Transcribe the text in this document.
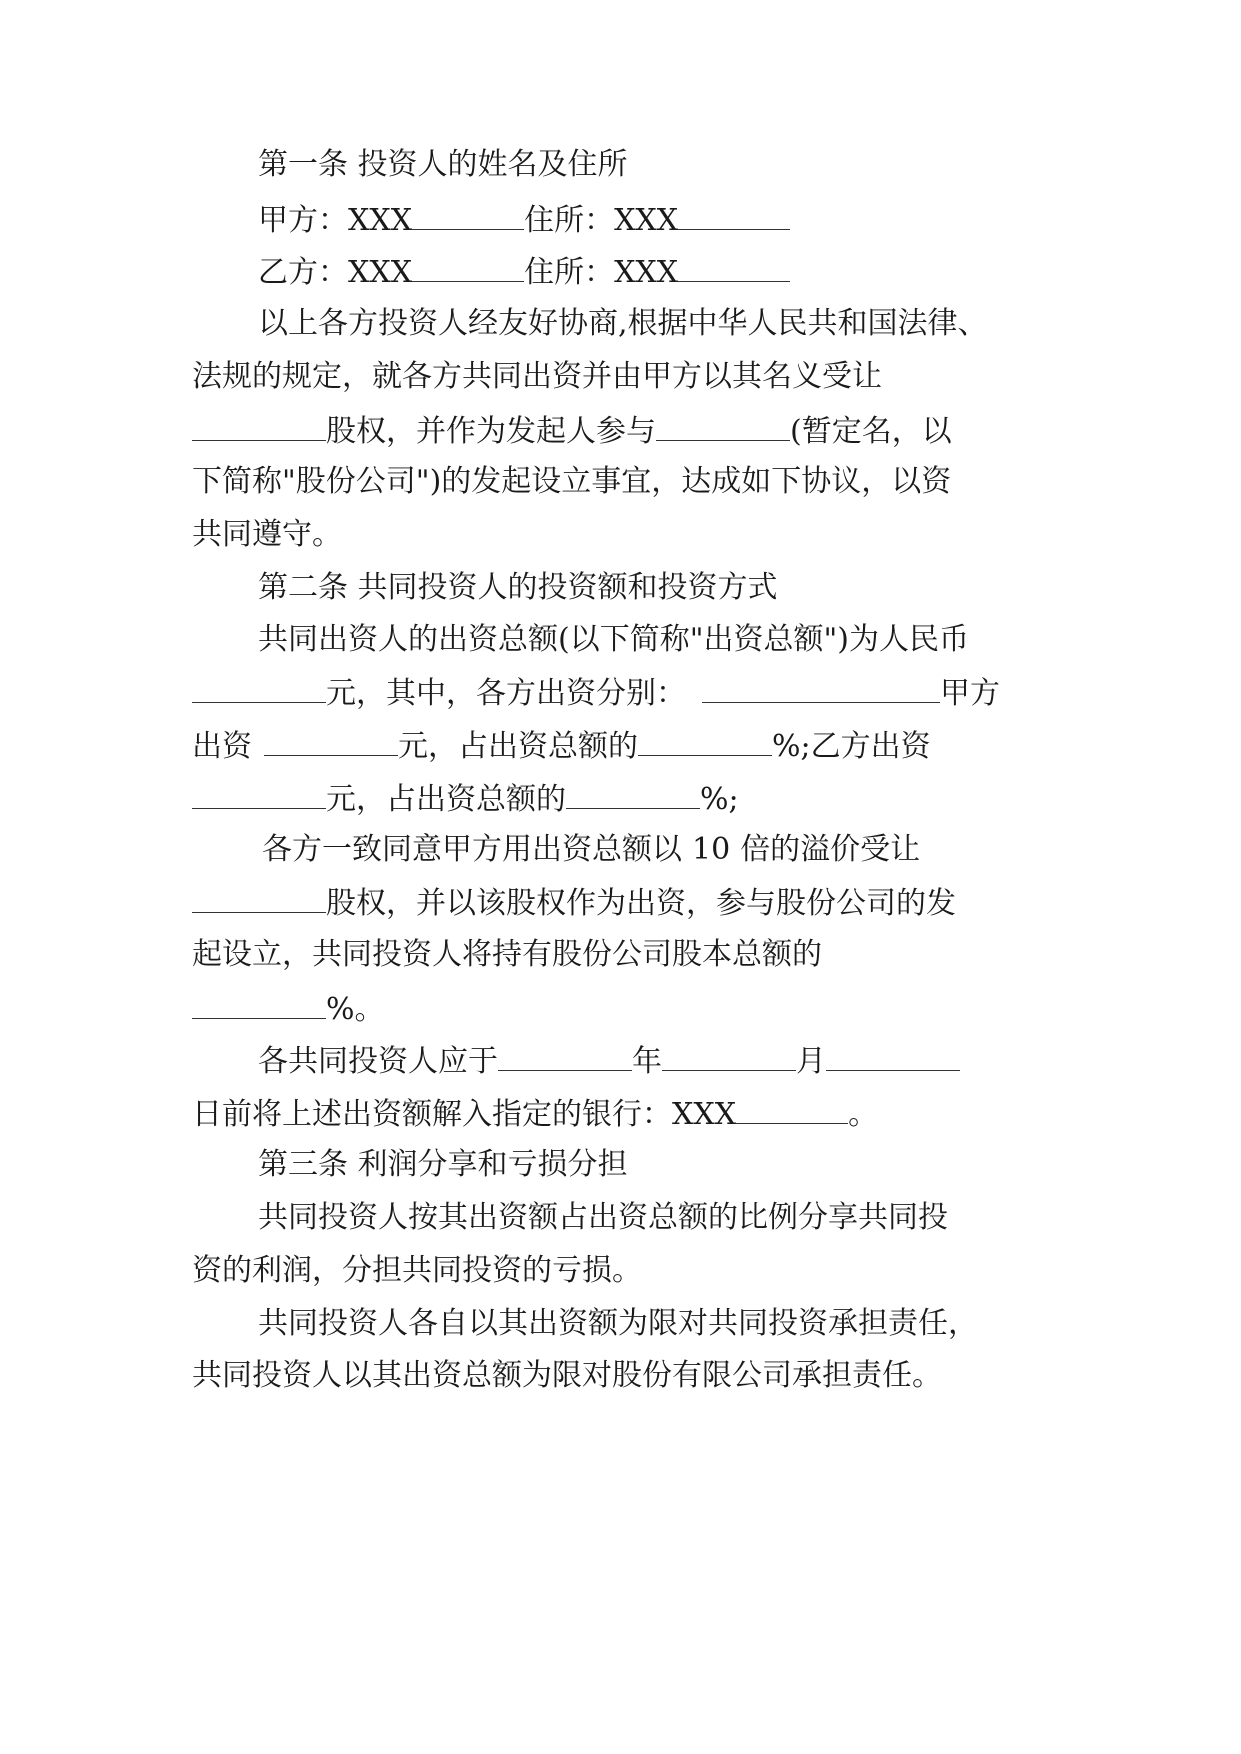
第一条 投资人的姓名及住所
甲方：XXX	住所：XXX
乙方：XXX	住所：XXX
以上各方投资人经友好协商,根据中华人民共和国法律、
法规的规定，就各方共同出资并由甲方以其名义受让
股权，并作为发起人参与	(暂定名，以
下简称"股份公司")的发起设立事宜，达成如下协议，以资
共同遵守。
第二条 共同投资人的投资额和投资方式
共同出资人的出资总额(以下简称"出资总额")为人民币
元，其中，各方出资分别：	甲方
出资	元，占出资总额的	%;乙方出资
元，占出资总额的	%;
各方一致同意甲方用出资总额以 10 倍的溢价受让
股权，并以该股权作为出资，参与股份公司的发
起设立，共同投资人将持有股份公司股本总额的
%。
各共同投资人应于	年	月
日前将上述出资额解入指定的银行：XXX	。
第三条 利润分享和亏损分担
共同投资人按其出资额占出资总额的比例分享共同投
资的利润，分担共同投资的亏损。
共同投资人各自以其出资额为限对共同投资承担责任，
共同投资人以其出资总额为限对股份有限公司承担责任。
